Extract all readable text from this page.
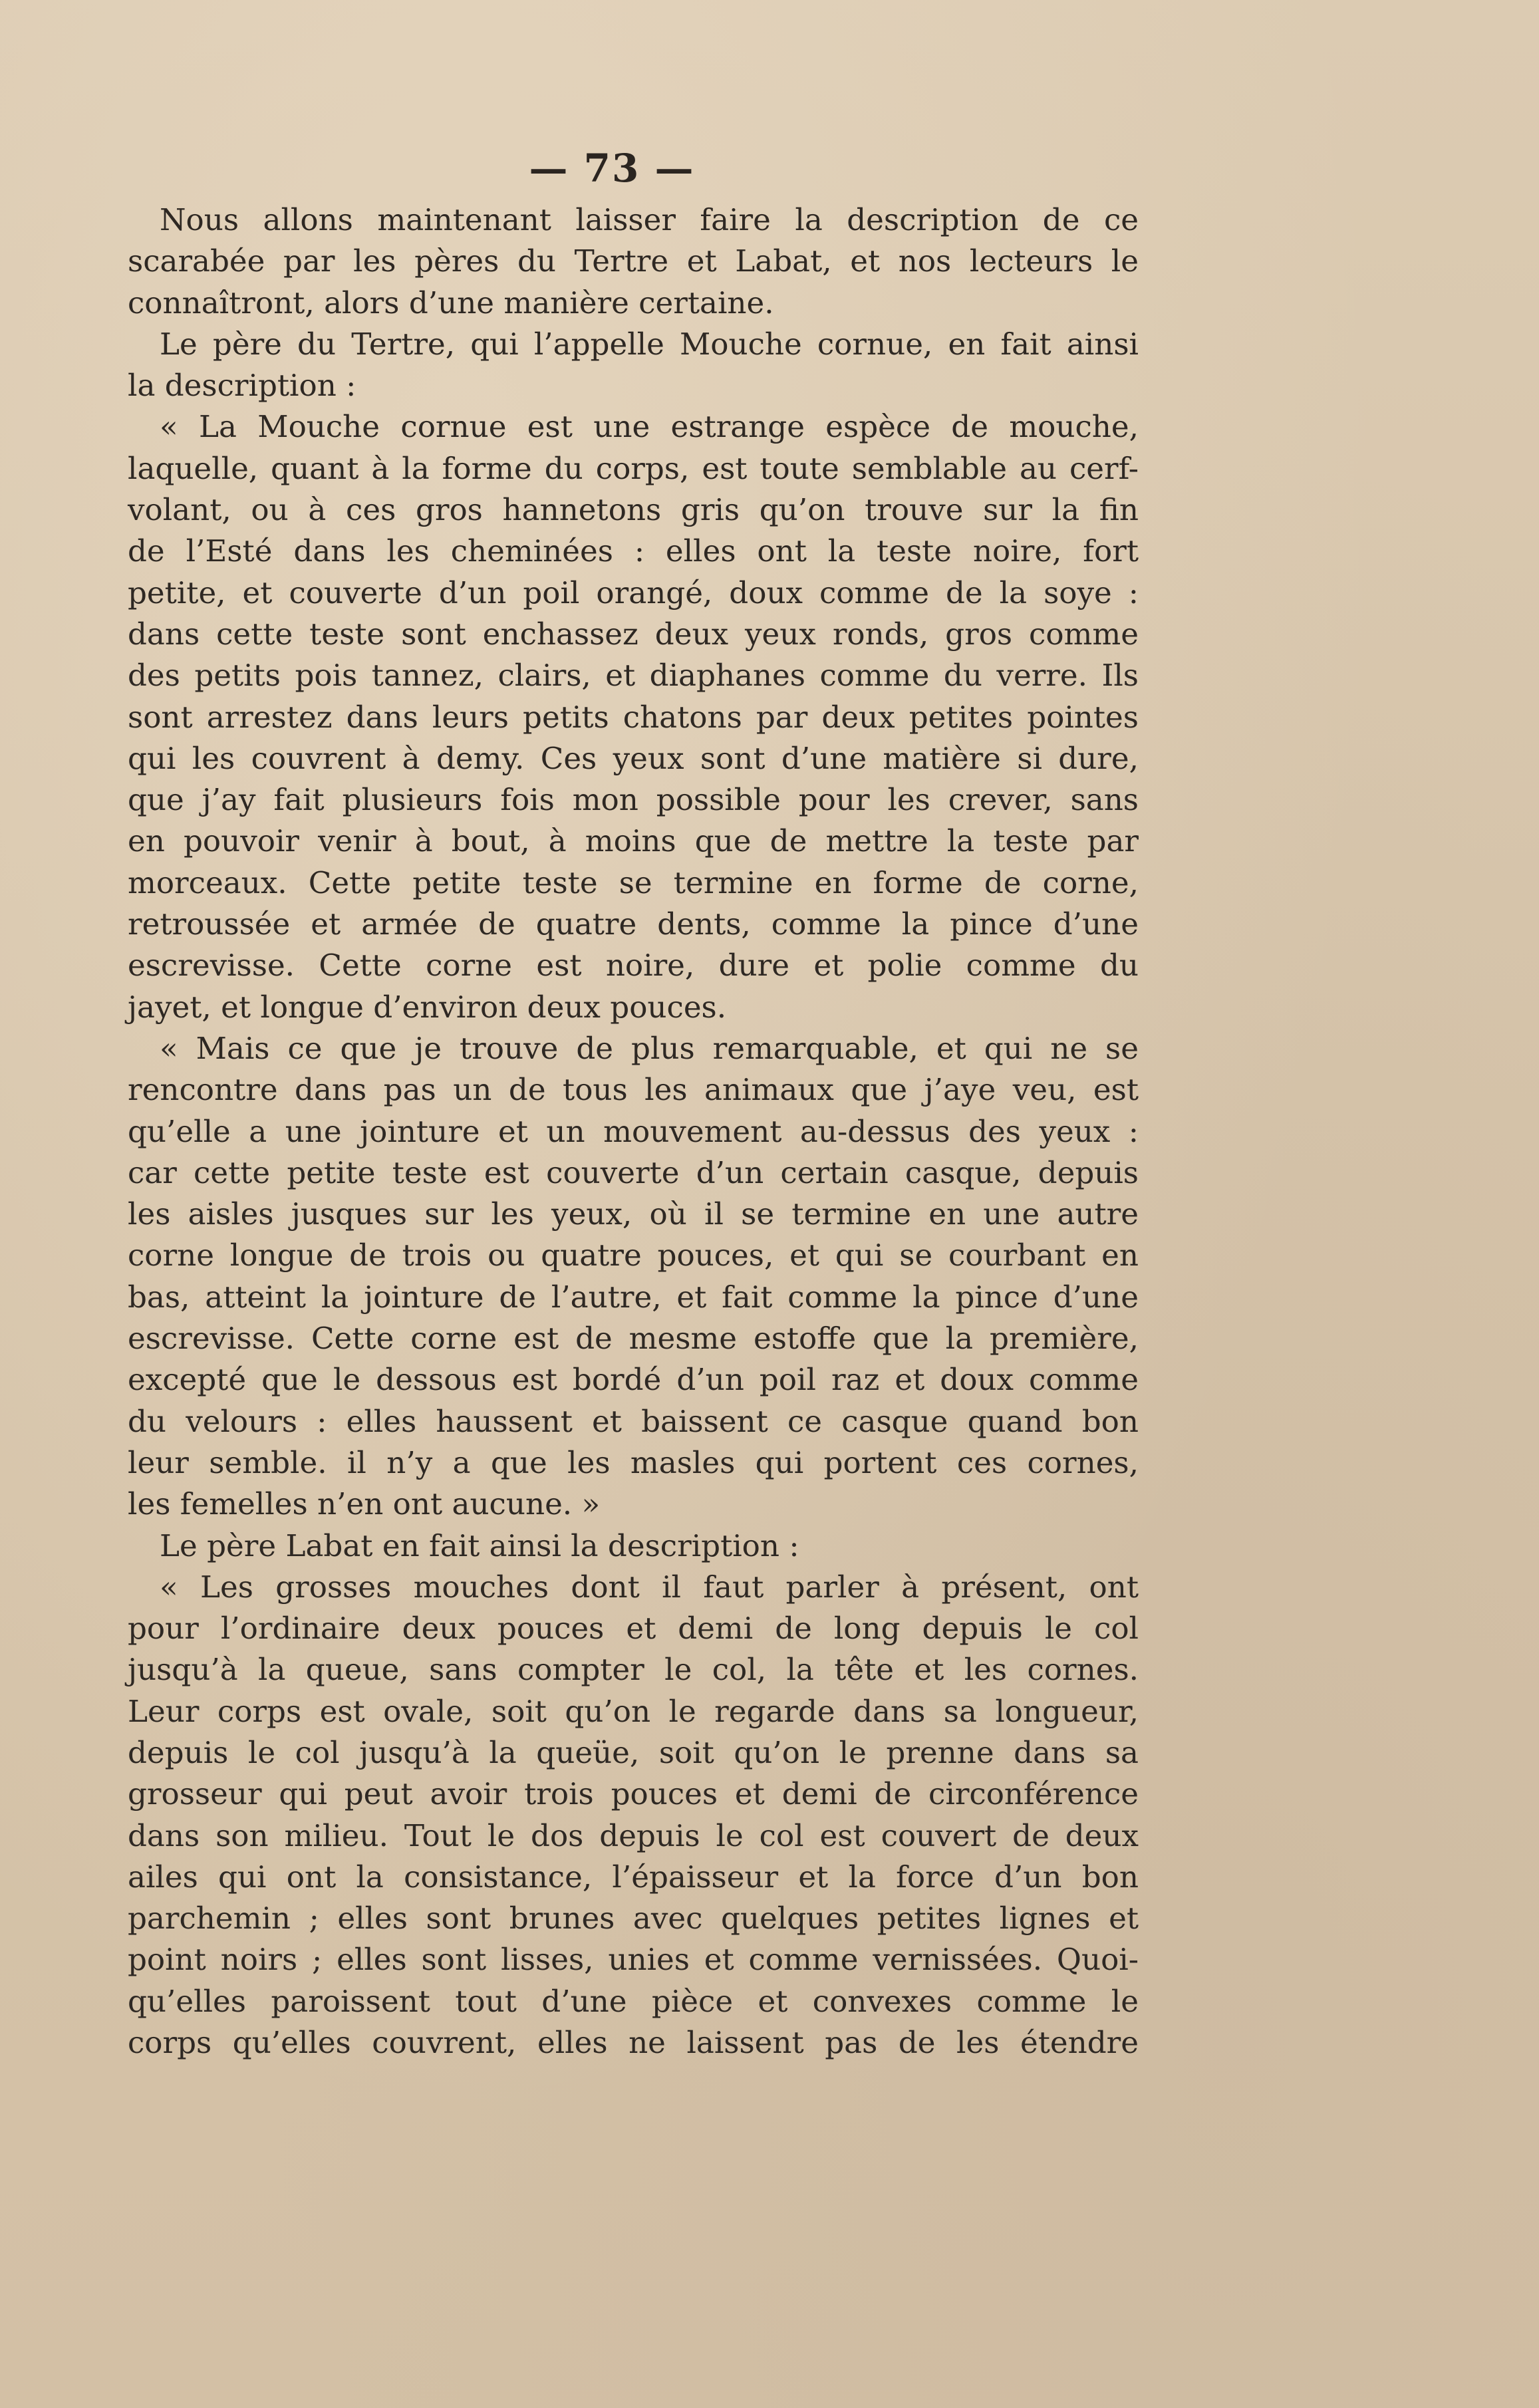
— 73 —
Nous allons maintenant laisser faire la description de ce
scarabée par les pères du Tertre et Labat, et nos lecteurs le
connaîtront, alors d’une manière certaine.
Le père du Tertre, qui l’appelle Mouche cornue, en fait ainsi
la description :
« La Mouche cornue est une estrange espèce de mouche,
laquelle, quant à la forme du corps, est toute semblable au cerf-
volant, ou à ces gros hannetons gris qu’on trouve sur la fin
de l’Esté dans les cheminées : elles ont la teste noire, fort
petite, et couverte d’un poil orangé, doux comme de la soye :
dans cette teste sont enchassez deux yeux ronds, gros comme
des petits pois tannez, clairs, et diaphanes comme du verre. Ils
sont arrestez dans leurs petits chatons par deux petites pointes
qui les couvrent à demy. Ces yeux sont d’une matière si dure,
que j’ay fait plusieurs fois mon possible pour les crever, sans
en pouvoir venir à bout, à moins que de mettre la teste par
morceaux. Cette petite teste se termine en forme de corne,
retroussée et armée de quatre dents, comme la pince d’une
escrevisse. Cette corne est noire, dure et polie comme du
jayet, et longue d’environ deux pouces.
« Mais ce que je trouve de plus remarquable, et qui ne se
rencontre dans pas un de tous les animaux que j’aye veu, est
qu’elle a une jointure et un mouvement au-dessus des yeux :
car cette petite teste est couverte d’un certain casque, depuis
les aisles jusques sur les yeux, où il se termine en une autre
corne longue de trois ou quatre pouces, et qui se courbant en
bas, atteint la jointure de l’autre, et fait comme la pince d’une
escrevisse. Cette corne est de mesme estoffe que la première,
excepté que le dessous est bordé d’un poil raz et doux comme
du velours : elles haussent et baissent ce casque quand bon
leur semble. il n’y a que les masles qui portent ces cornes,
les femelles n’en ont aucune. »
Le père Labat en fait ainsi la description :
« Les grosses mouches dont il faut parler à présent, ont
pour l’ordinaire deux pouces et demi de long depuis le col
jusqu’à la queue, sans compter le col, la tête et les cornes.
Leur corps est ovale, soit qu’on le regarde dans sa longueur,
depuis le col jusqu’à la queüe, soit qu’on le prenne dans sa
grosseur qui peut avoir trois pouces et demi de circonférence
dans son milieu. Tout le dos depuis le col est couvert de deux
ailes qui ont la consistance, l’épaisseur et la force d’un bon
parchemin ; elles sont brunes avec quelques petites lignes et
point noirs ; elles sont lisses, unies et comme vernissées. Quoi-
qu’elles paroissent tout d’une pièce et convexes comme le
corps qu’elles couvrent, elles ne laissent pas de les étendre
